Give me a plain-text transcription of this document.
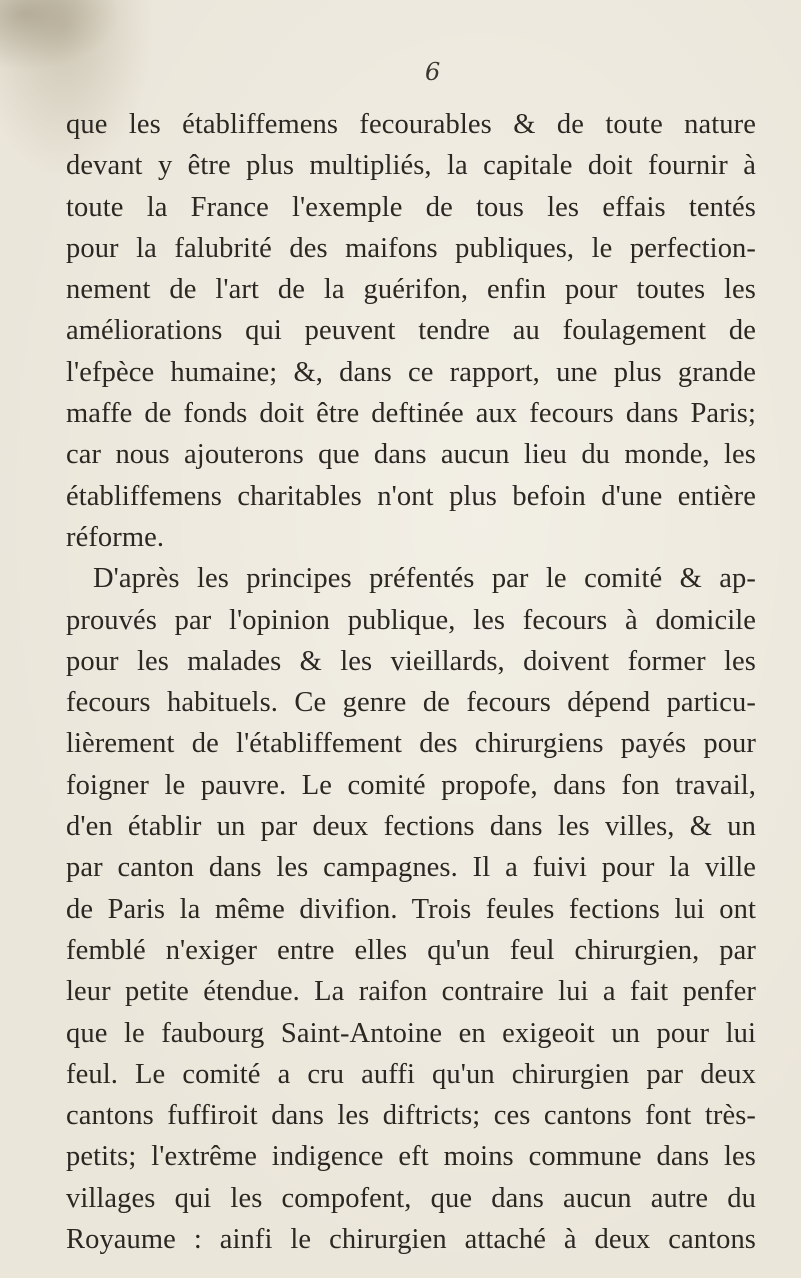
6
que les établiffemens fecourables & de toute nature
devant y être plus multipliés, la capitale doit fournir à
toute la France l'exemple de tous les effais tentés
pour la falubrité des maifons publiques, le perfection-
nement de l'art de la guérifon, enfin pour toutes les
améliorations qui peuvent tendre au foulagement de
l'efpèce humaine; &, dans ce rapport, une plus grande
maffe de fonds doit être deftinée aux fecours dans Paris;
car nous ajouterons que dans aucun lieu du monde, les
établiffemens charitables n'ont plus befoin d'une entière
réforme.
D'après les principes préfentés par le comité & ap-
prouvés par l'opinion publique, les fecours à domicile
pour les malades & les vieillards, doivent former les
fecours habituels. Ce genre de fecours dépend particu-
lièrement de l'établiffement des chirurgiens payés pour
foigner le pauvre. Le comité propofe, dans fon travail,
d'en établir un par deux fections dans les villes, & un
par canton dans les campagnes. Il a fuivi pour la ville
de Paris la même divifion. Trois feules fections lui ont
femblé n'exiger entre elles qu'un feul chirurgien, par
leur petite étendue. La raifon contraire lui a fait penfer
que le faubourg Saint-Antoine en exigeoit un pour lui
feul. Le comité a cru auffi qu'un chirurgien par deux
cantons fuffiroit dans les diftricts; ces cantons font très-
petits; l'extrême indigence eft moins commune dans les
villages qui les compofent, que dans aucun autre du
Royaume : ainfi le chirurgien attaché à deux cantons
